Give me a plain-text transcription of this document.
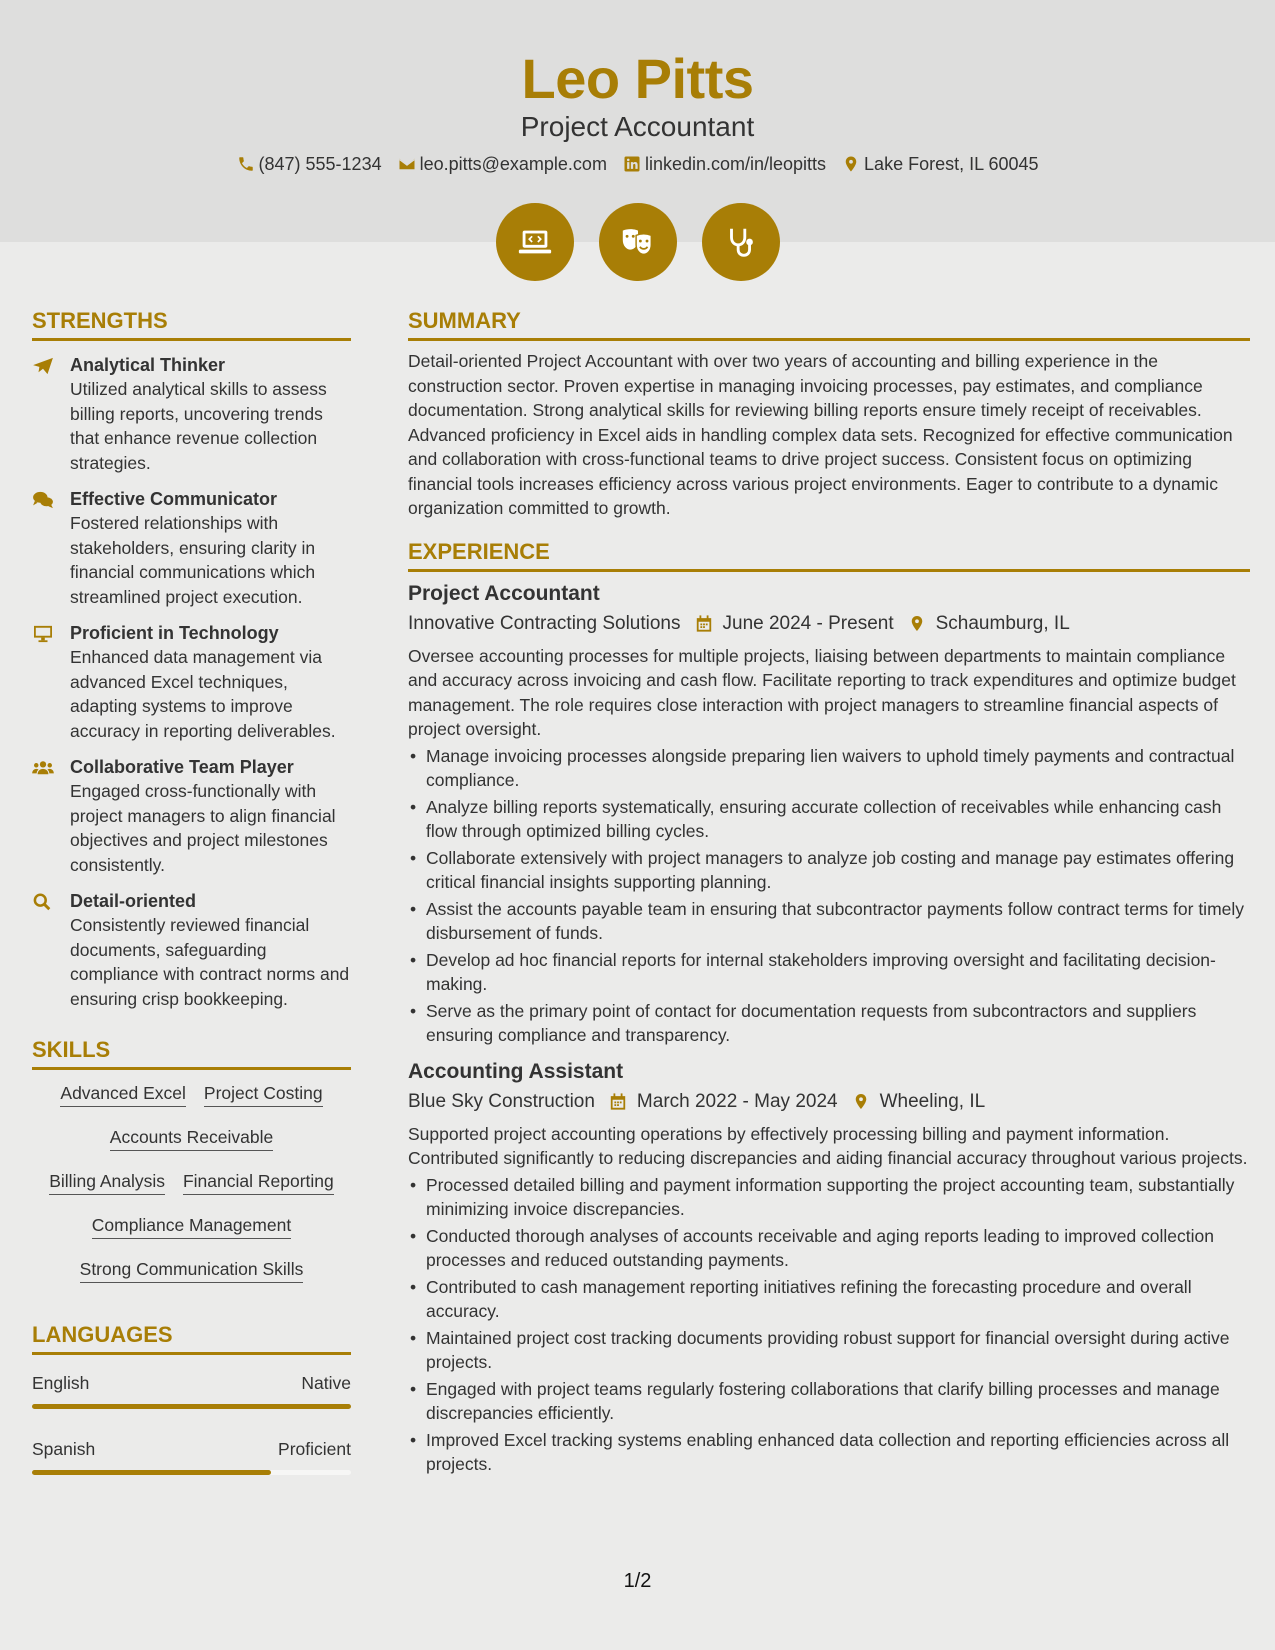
Leo Pitts
Project Accountant
(847) 555-1234 leo.pitts@example.com linkedin.com/in/leopitts Lake Forest, IL 60045
STRENGTHS
Analytical Thinker
Utilized analytical skills to assess billing reports, uncovering trends that enhance revenue collection strategies.
Effective Communicator
Fostered relationships with stakeholders, ensuring clarity in financial communications which streamlined project execution.
Proficient in Technology
Enhanced data management via advanced Excel techniques, adapting systems to improve accuracy in reporting deliverables.
Collaborative Team Player
Engaged cross-functionally with project managers to align financial objectives and project milestones consistently.
Detail-oriented
Consistently reviewed financial documents, safeguarding compliance with contract norms and ensuring crisp bookkeeping.
SKILLS
Advanced Excel Project Costing
Accounts Receivable
Billing Analysis Financial Reporting
Compliance Management
Strong Communication Skills
LANGUAGES
English	Native
Spanish	Proficient
SUMMARY
Detail-oriented Project Accountant with over two years of accounting and billing experience in the construction sector. Proven expertise in managing invoicing processes, pay estimates, and compliance documentation. Strong analytical skills for reviewing billing reports ensure timely receipt of receivables. Advanced proficiency in Excel aids in handling complex data sets. Recognized for effective communication and collaboration with cross-functional teams to drive project success. Consistent focus on optimizing financial tools increases efficiency across various project environments. Eager to contribute to a dynamic organization committed to growth.
EXPERIENCE
Project Accountant
Innovative Contracting Solutions June 2024 - Present Schaumburg, IL
Oversee accounting processes for multiple projects, liaising between departments to maintain compliance and accuracy across invoicing and cash flow. Facilitate reporting to track expenditures and optimize budget management. The role requires close interaction with project managers to streamline financial aspects of project oversight.
• Manage invoicing processes alongside preparing lien waivers to uphold timely payments and contractual compliance.
• Analyze billing reports systematically, ensuring accurate collection of receivables while enhancing cash flow through optimized billing cycles.
• Collaborate extensively with project managers to analyze job costing and manage pay estimates offering critical financial insights supporting planning.
• Assist the accounts payable team in ensuring that subcontractor payments follow contract terms for timely disbursement of funds.
• Develop ad hoc financial reports for internal stakeholders improving oversight and facilitating decision-making.
• Serve as the primary point of contact for documentation requests from subcontractors and suppliers ensuring compliance and transparency.
Accounting Assistant
Blue Sky Construction March 2022 - May 2024 Wheeling, IL
Supported project accounting operations by effectively processing billing and payment information. Contributed significantly to reducing discrepancies and aiding financial accuracy throughout various projects.
• Processed detailed billing and payment information supporting the project accounting team, substantially minimizing invoice discrepancies.
• Conducted thorough analyses of accounts receivable and aging reports leading to improved collection processes and reduced outstanding payments.
• Contributed to cash management reporting initiatives refining the forecasting procedure and overall accuracy.
• Maintained project cost tracking documents providing robust support for financial oversight during active projects.
• Engaged with project teams regularly fostering collaborations that clarify billing processes and manage discrepancies efficiently.
• Improved Excel tracking systems enabling enhanced data collection and reporting efficiencies across all projects.
1/2
